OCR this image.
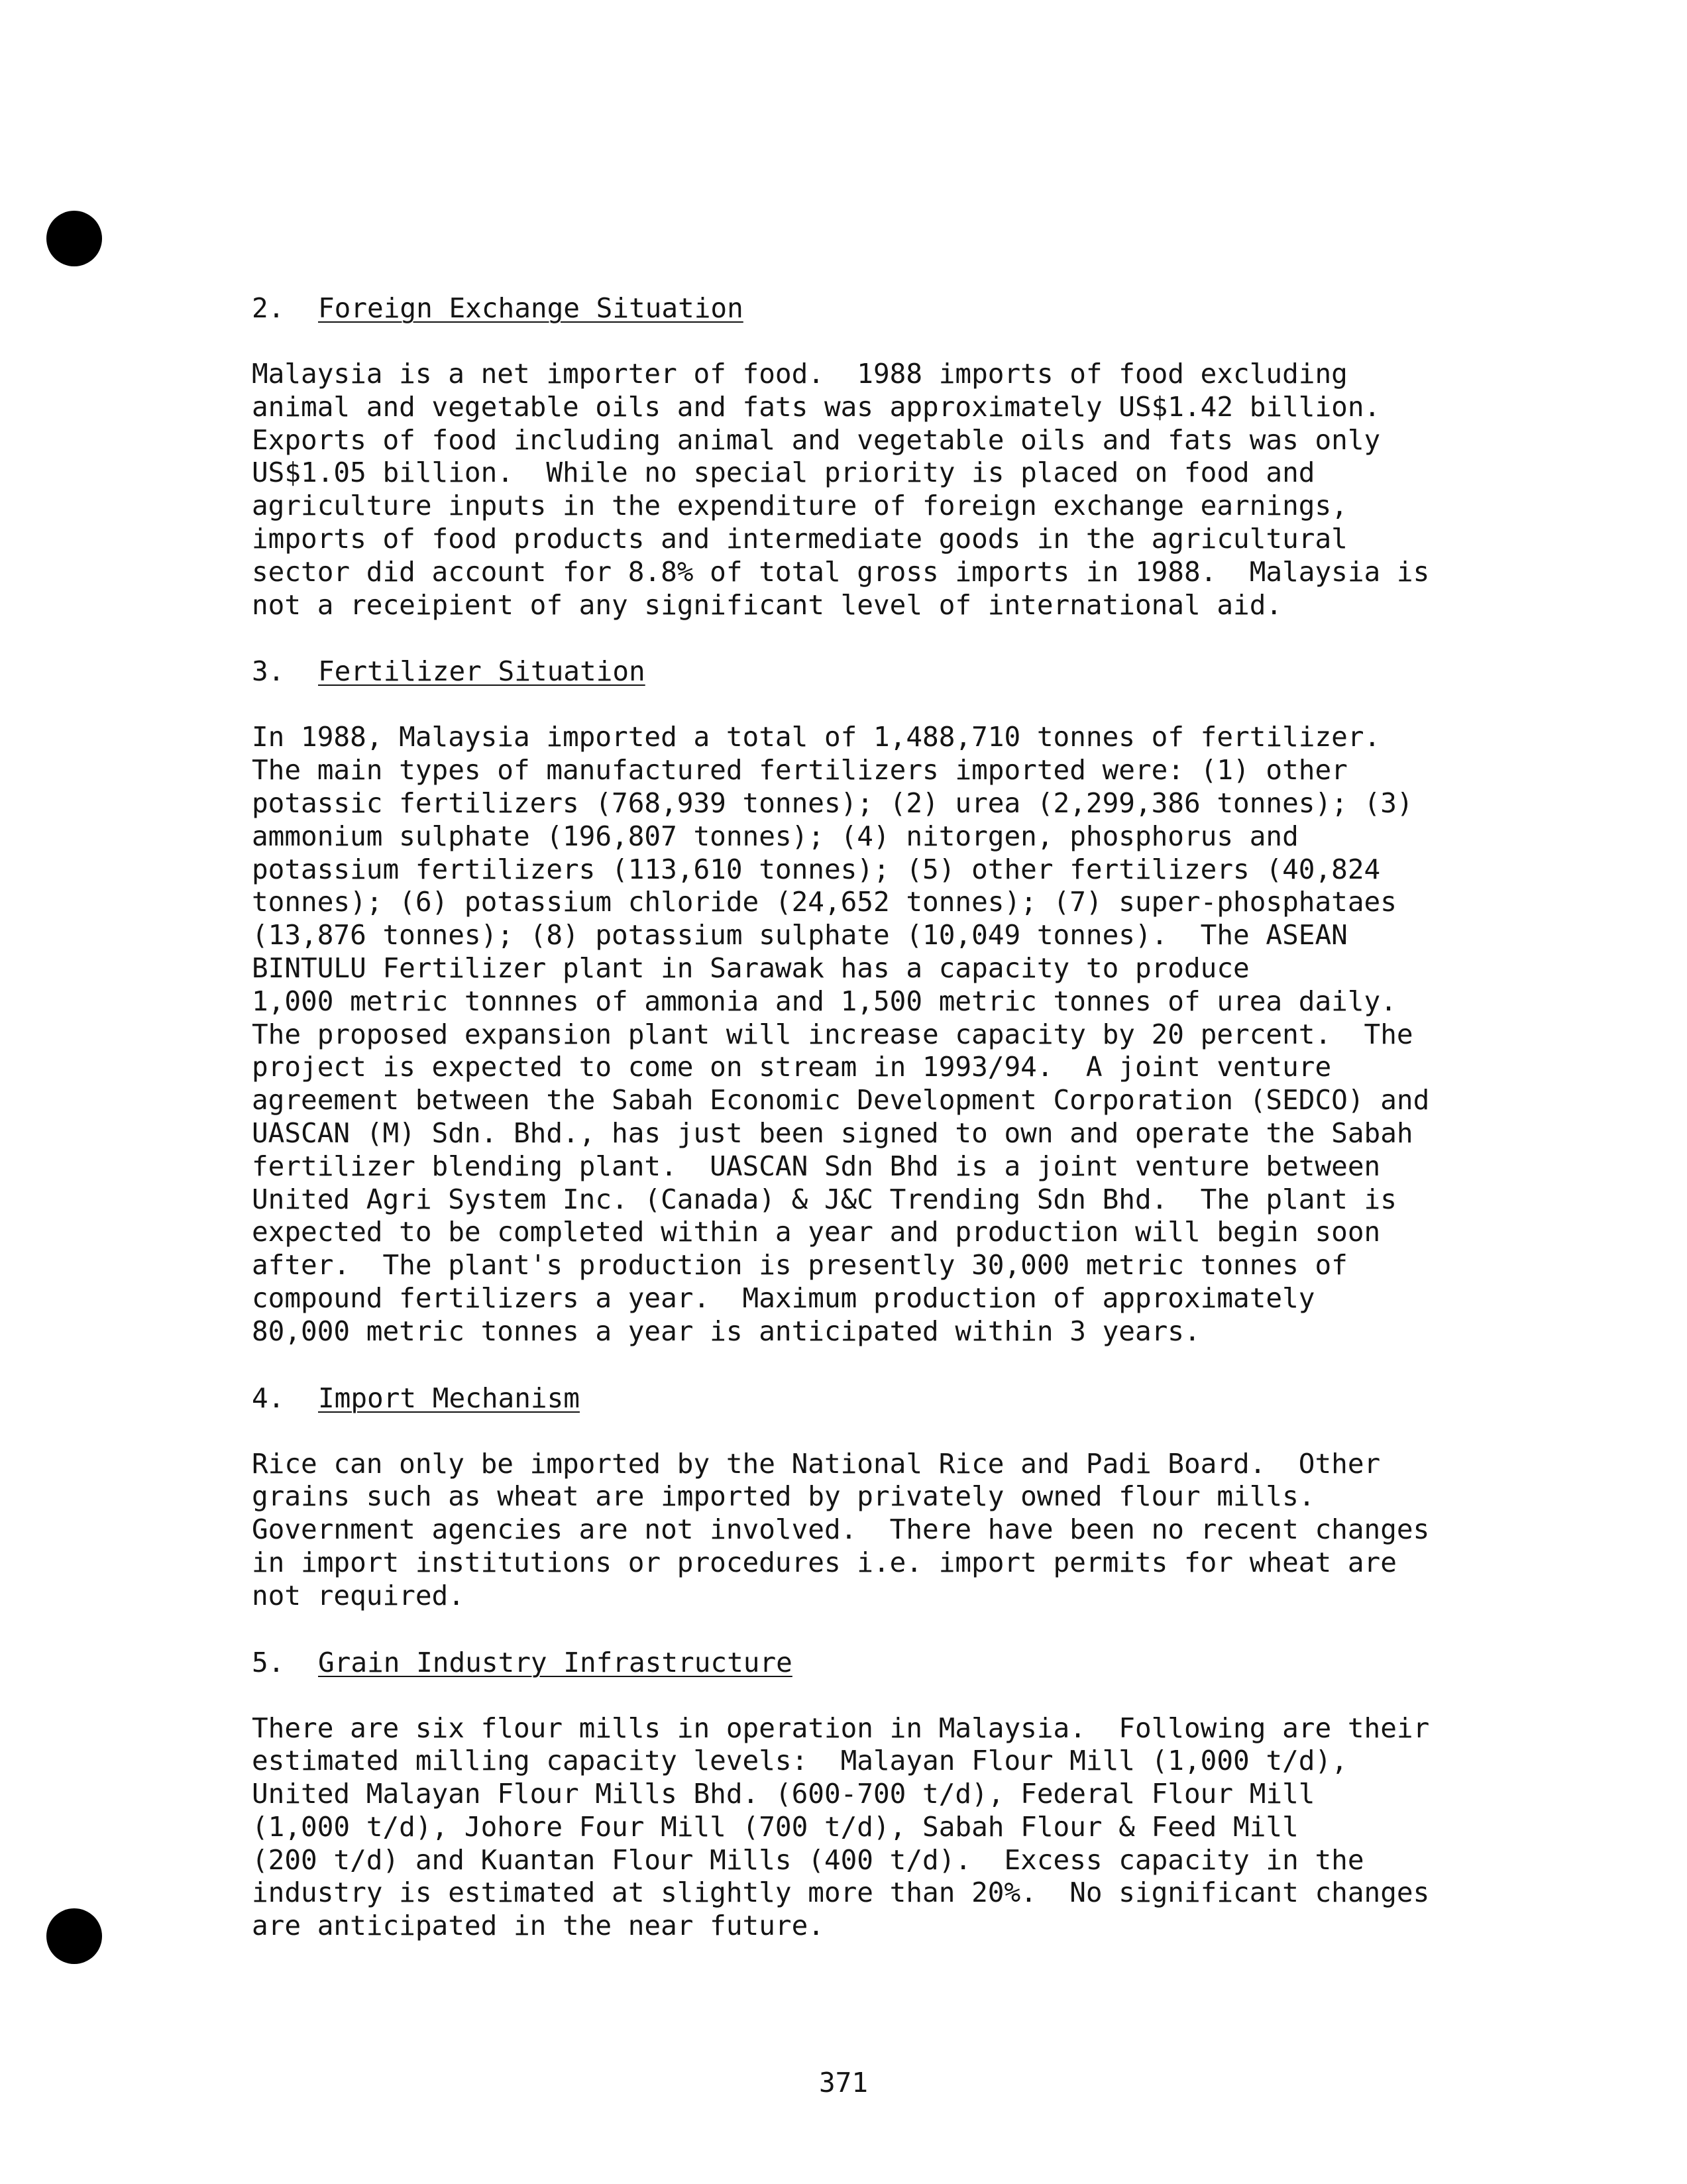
2. Foreign Exchange Situation

Malaysia is a net importer of food.  1988 imports of food excluding
animal and vegetable oils and fats was approximately US$1.42 billion.
Exports of food including animal and vegetable oils and fats was only
US$1.05 billion.  While no special priority is placed on food and
agriculture inputs in the expenditure of foreign exchange earnings,
imports of food products and intermediate goods in the agricultural
sector did account for 8.8% of total gross imports in 1988.  Malaysia is
not a receipient of any significant level of international aid.

3. Fertilizer Situation

In 1988, Malaysia imported a total of 1,488,710 tonnes of fertilizer.
The main types of manufactured fertilizers imported were: (1) other
potassic fertilizers (768,939 tonnes); (2) urea (2,299,386 tonnes); (3)
ammonium sulphate (196,807 tonnes); (4) nitorgen, phosphorus and
potassium fertilizers (113,610 tonnes); (5) other fertilizers (40,824
tonnes); (6) potassium chloride (24,652 tonnes); (7) super-phosphataes
(13,876 tonnes); (8) potassium sulphate (10,049 tonnes).  The ASEAN
BINTULU Fertilizer plant in Sarawak has a capacity to produce
1,000 metric tonnnes of ammonia and 1,500 metric tonnes of urea daily.
The proposed expansion plant will increase capacity by 20 percent.  The
project is expected to come on stream in 1993/94.  A joint venture
agreement between the Sabah Economic Development Corporation (SEDCO) and
UASCAN (M) Sdn. Bhd., has just been signed to own and operate the Sabah
fertilizer blending plant.  UASCAN Sdn Bhd is a joint venture between
United Agri System Inc. (Canada) & J&C Trending Sdn Bhd.  The plant is
expected to be completed within a year and production will begin soon
after.  The plant's production is presently 30,000 metric tonnes of
compound fertilizers a year.  Maximum production of approximately
80,000 metric tonnes a year is anticipated within 3 years.

4. Import Mechanism

Rice can only be imported by the National Rice and Padi Board.  Other
grains such as wheat are imported by privately owned flour mills.
Government agencies are not involved.  There have been no recent changes
in import institutions or procedures i.e. import permits for wheat are
not required.

5. Grain Industry Infrastructure

There are six flour mills in operation in Malaysia.  Following are their
estimated milling capacity levels:  Malayan Flour Mill (1,000 t/d),
United Malayan Flour Mills Bhd. (600-700 t/d), Federal Flour Mill
(1,000 t/d), Johore Four Mill (700 t/d), Sabah Flour & Feed Mill
(200 t/d) and Kuantan Flour Mills (400 t/d).  Excess capacity in the
industry is estimated at slightly more than 20%.  No significant changes
are anticipated in the near future.

371
